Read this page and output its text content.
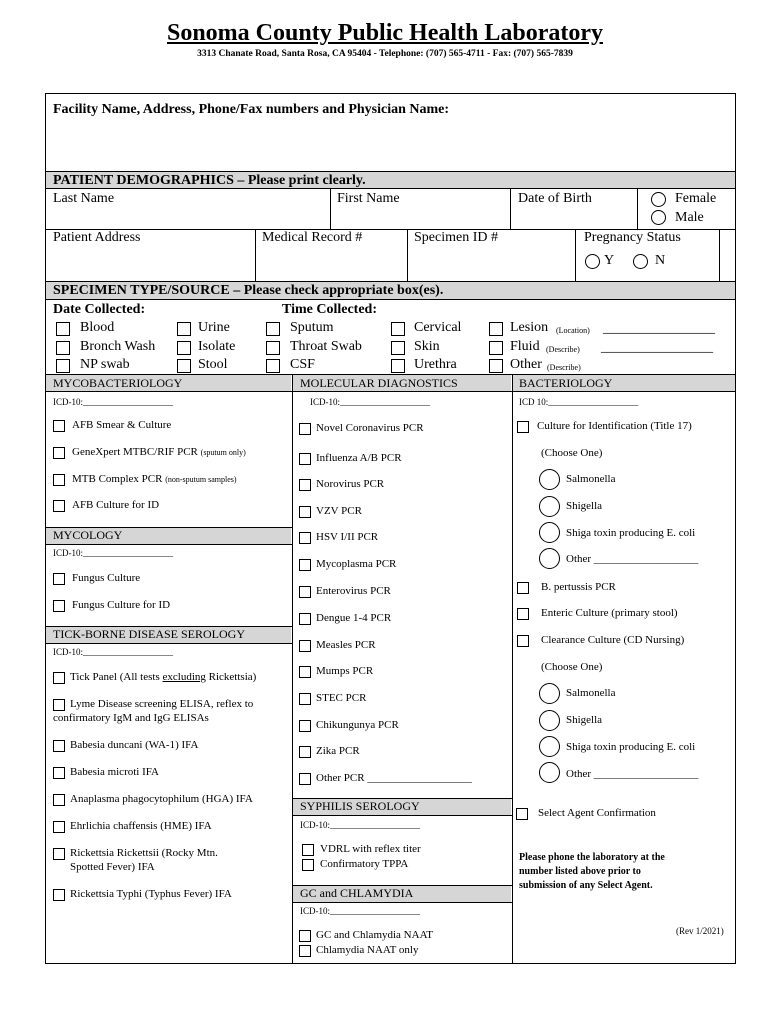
Sonoma County Public Health Laboratory
3313 Chanate Road, Santa Rosa, CA 95404 - Telephone: (707) 565-4711 - Fax: (707) 565-7839
Facility Name, Address, Phone/Fax numbers and Physician Name:
PATIENT DEMOGRAPHICS – Please print clearly.
Last Name	First Name	Date of Birth	Female
Male
Patient Address	Medical Record #	Specimen ID #	Pregnancy Status
Y	N
SPECIMEN TYPE/SOURCE – Please check appropriate box(es).
Date Collected:	Time Collected:
Blood	Urine	Sputum	Cervical	Lesion (Location) ________________
Bronch Wash	Isolate	Throat Swab	Skin	Fluid (Describe) ________________
NP swab	Stool	CSF	Urethra	Other (Describe)
MYCOBACTERIOLOGY	MOLECULAR DIAGNOSTICS	BACTERIOLOGY
ICD-10:____________________
AFB Smear & Culture
GeneXpert MTBC/RIF PCR (sputum only)
MTB Complex PCR (non-sputum samples)
AFB Culture for ID
MYCOLOGY
ICD-10:____________________
Fungus Culture
Fungus Culture for ID
TICK-BORNE DISEASE SEROLOGY
ICD-10:____________________
Tick Panel (All tests excluding Rickettsia)
Lyme Disease screening ELISA, reflex to
confirmatory IgM and IgG ELISAs
Babesia duncani (WA-1) IFA
Babesia microti IFA
Anaplasma phagocytophilum (HGA) IFA
Ehrlichia chaffensis (HME) IFA
Rickettsia Rickettsii (Rocky Mtn.
Spotted Fever) IFA
Rickettsia Typhi (Typhus Fever) IFA
ICD-10:____________________
Novel Coronavirus PCR
Influenza A/B PCR
Norovirus PCR
VZV PCR
HSV I/II PCR
Mycoplasma PCR
Enterovirus PCR
Dengue 1-4 PCR
Measles PCR
Mumps PCR
STEC PCR
Chikungunya PCR
Zika PCR
Other PCR ___________________
SYPHILIS SEROLOGY
ICD-10:____________________
VDRL with reflex titer
Confirmatory TPPA
GC and CHLAMYDIA
ICD-10:____________________
GC and Chlamydia NAAT
Chlamydia NAAT only
ICD 10:____________________
Culture for Identification (Title 17)
(Choose One)
Salmonella
Shigella
Shiga toxin producing E. coli
Other ___________________
B. pertussis PCR
Enteric Culture (primary stool)
Clearance Culture (CD Nursing)
(Choose One)
Salmonella
Shigella
Shiga toxin producing E. coli
Other ___________________
Select Agent Confirmation
Please phone the laboratory at the
number listed above prior to
submission of any Select Agent.
(Rev 1/2021)
